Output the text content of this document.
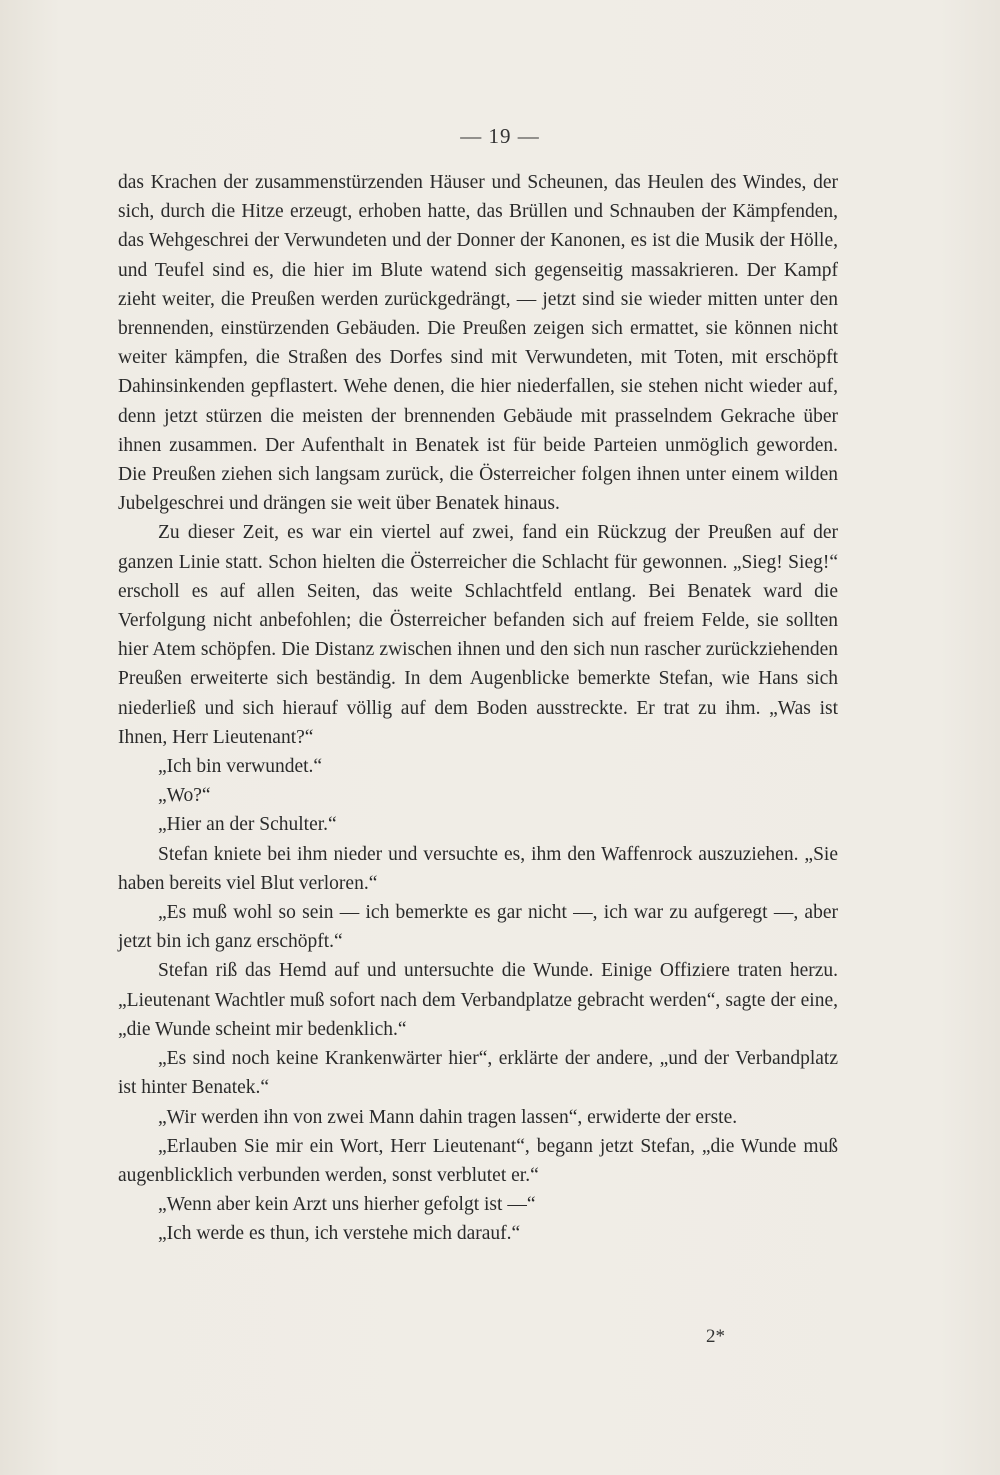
— 19 —

das Krachen der zusammenstürzenden Häuser und Scheunen, das Heulen des Windes, der sich, durch die Hitze erzeugt, erhoben hatte, das Brüllen und Schnauben der Kämpfenden, das Wehgeschrei der Verwundeten und der Donner der Kanonen, es ist die Musik der Hölle, und Teufel sind es, die hier im Blute watend sich gegenseitig massakrieren. Der Kampf zieht weiter, die Preußen werden zurückgedrängt, — jetzt sind sie wieder mitten unter den brennenden, einstürzenden Gebäuden. Die Preußen zeigen sich ermattet, sie können nicht weiter kämpfen, die Straßen des Dorfes sind mit Verwundeten, mit Toten, mit erschöpft Dahinsinkenden gepflastert. Wehe denen, die hier niederfallen, sie stehen nicht wieder auf, denn jetzt stürzen die meisten der brennenden Gebäude mit prasselndem Gekrache über ihnen zusammen. Der Aufenthalt in Benatek ist für beide Parteien unmöglich geworden. Die Preußen ziehen sich langsam zurück, die Österreicher folgen ihnen unter einem wilden Jubelgeschrei und drängen sie weit über Benatek hinaus.

Zu dieser Zeit, es war ein viertel auf zwei, fand ein Rückzug der Preußen auf der ganzen Linie statt. Schon hielten die Österreicher die Schlacht für gewonnen. „Sieg! Sieg!“ erscholl es auf allen Seiten, das weite Schlachtfeld entlang. Bei Benatek ward die Verfolgung nicht anbefohlen; die Österreicher befanden sich auf freiem Felde, sie sollten hier Atem schöpfen. Die Distanz zwischen ihnen und den sich nun rascher zurückziehenden Preußen erweiterte sich beständig. In dem Augenblicke bemerkte Stefan, wie Hans sich niederließ und sich hierauf völlig auf dem Boden ausstreckte. Er trat zu ihm. „Was ist Ihnen, Herr Lieutenant?“

„Ich bin verwundet.“

„Wo?“

„Hier an der Schulter.“

Stefan kniete bei ihm nieder und versuchte es, ihm den Waffenrock auszuziehen. „Sie haben bereits viel Blut verloren.“

„Es muß wohl so sein — ich bemerkte es gar nicht —, ich war zu aufgeregt —, aber jetzt bin ich ganz erschöpft.“

Stefan riß das Hemd auf und untersuchte die Wunde. Einige Offiziere traten herzu. „Lieutenant Wachtler muß sofort nach dem Verbandplatze gebracht werden“, sagte der eine, „die Wunde scheint mir bedenklich.“

„Es sind noch keine Krankenwärter hier“, erklärte der andere, „und der Verbandplatz ist hinter Benatek.“

„Wir werden ihn von zwei Mann dahin tragen lassen“, erwiderte der erste.

„Erlauben Sie mir ein Wort, Herr Lieutenant“, begann jetzt Stefan, „die Wunde muß augenblicklich verbunden werden, sonst verblutet er.“

„Wenn aber kein Arzt uns hierher gefolgt ist —“

„Ich werde es thun, ich verstehe mich darauf.“

2*
